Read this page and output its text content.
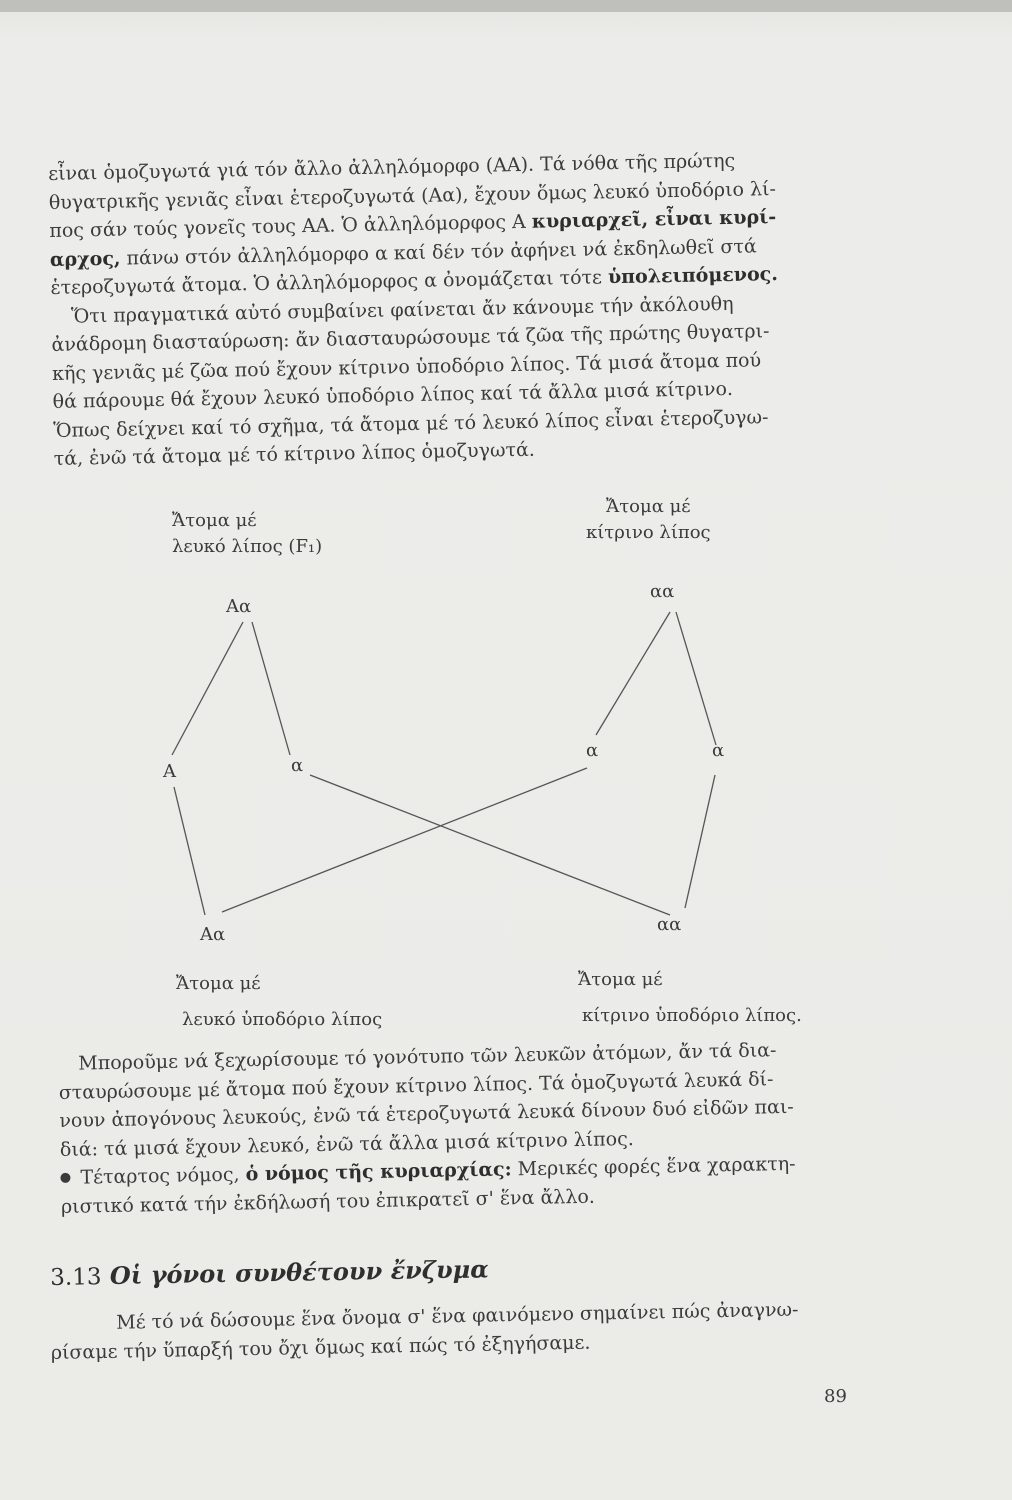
εἶναι ὁμοζυγωτά γιά τόν ἄλλο ἀλληλόμορφο (ΑΑ). Τά νόθα τῆς πρώτης

θυγατρικῆς γενιᾶς εἶναι ἑτεροζυγωτά (Αα), ἔχουν ὅμως λευκό ὑποδόριο λί-

πος σάν τούς γονεῖς τους ΑΑ. Ὁ ἀλληλόμορφος Α κυριαρχεῖ, εἶναι κυρί-

αρχος, πάνω στόν ἀλληλόμορφο α καί δέν τόν ἀφήνει νά ἐκδηλωθεῖ στά

ἑτεροζυγωτά ἄτομα. Ὁ ἀλληλόμορφος α ὀνομάζεται τότε ὑπολειπόμενος.

Ὅτι πραγματικά αὐτό συμβαίνει φαίνεται ἄν κάνουμε τήν ἀκόλουθη

ἀνάδρομη διασταύρωση: ἄν διασταυρώσουμε τά ζῶα τῆς πρώτης θυγατρι-

κῆς γενιᾶς μέ ζῶα πού ἔχουν κίτρινο ὑποδόριο λίπος. Τά μισά ἄτομα πού

θά πάρουμε θά ἔχουν λευκό ὑποδόριο λίπος καί τά ἄλλα μισά κίτρινο.

Ὅπως δείχνει καί τό σχῆμα, τά ἄτομα μέ τό λευκό λίπος εἶναι ἑτεροζυγω-

τά, ἐνῶ τά ἄτομα μέ τό κίτρινο λίπος ὁμοζυγωτά.

Ἄτομα μέ
λευκό λίπος (F₁)
Ἄτομα μέ
κίτρινο λίπος
Αα
αα
Α	α
α	α
Αα	αα
Ἄτομα μέ
λευκό ὑποδόριο λίπος
Ἄτομα μέ
κίτρινο ὑποδόριο λίπος.

Μποροῦμε νά ξεχωρίσουμε τό γονότυπο τῶν λευκῶν ἀτόμων, ἄν τά δια-

σταυρώσουμε μέ ἄτομα πού ἔχουν κίτρινο λίπος. Τά ὁμοζυγωτά λευκά δί-

νουν ἀπογόνους λευκούς, ἐνῶ τά ἑτεροζυγωτά λευκά δίνουν δυό εἰδῶν παι-

διά: τά μισά ἔχουν λευκό, ἐνῶ τά ἄλλα μισά κίτρινο λίπος.

Τέταρτος νόμος, ὁ νόμος τῆς κυριαρχίας: Μερικές φορές ἕνα χαρακτη-

ριστικό κατά τήν ἐκδήλωσή του ἐπικρατεῖ σ' ἕνα ἄλλο.

3.13 Οἱ γόνοι συνθέτουν ἔνζυμα

Μέ τό νά δώσουμε ἕνα ὄνομα σ' ἕνα φαινόμενο σημαίνει πώς ἀναγνω-

ρίσαμε τήν ὕπαρξή του ὄχι ὅμως καί πώς τό ἐξηγήσαμε.

89
